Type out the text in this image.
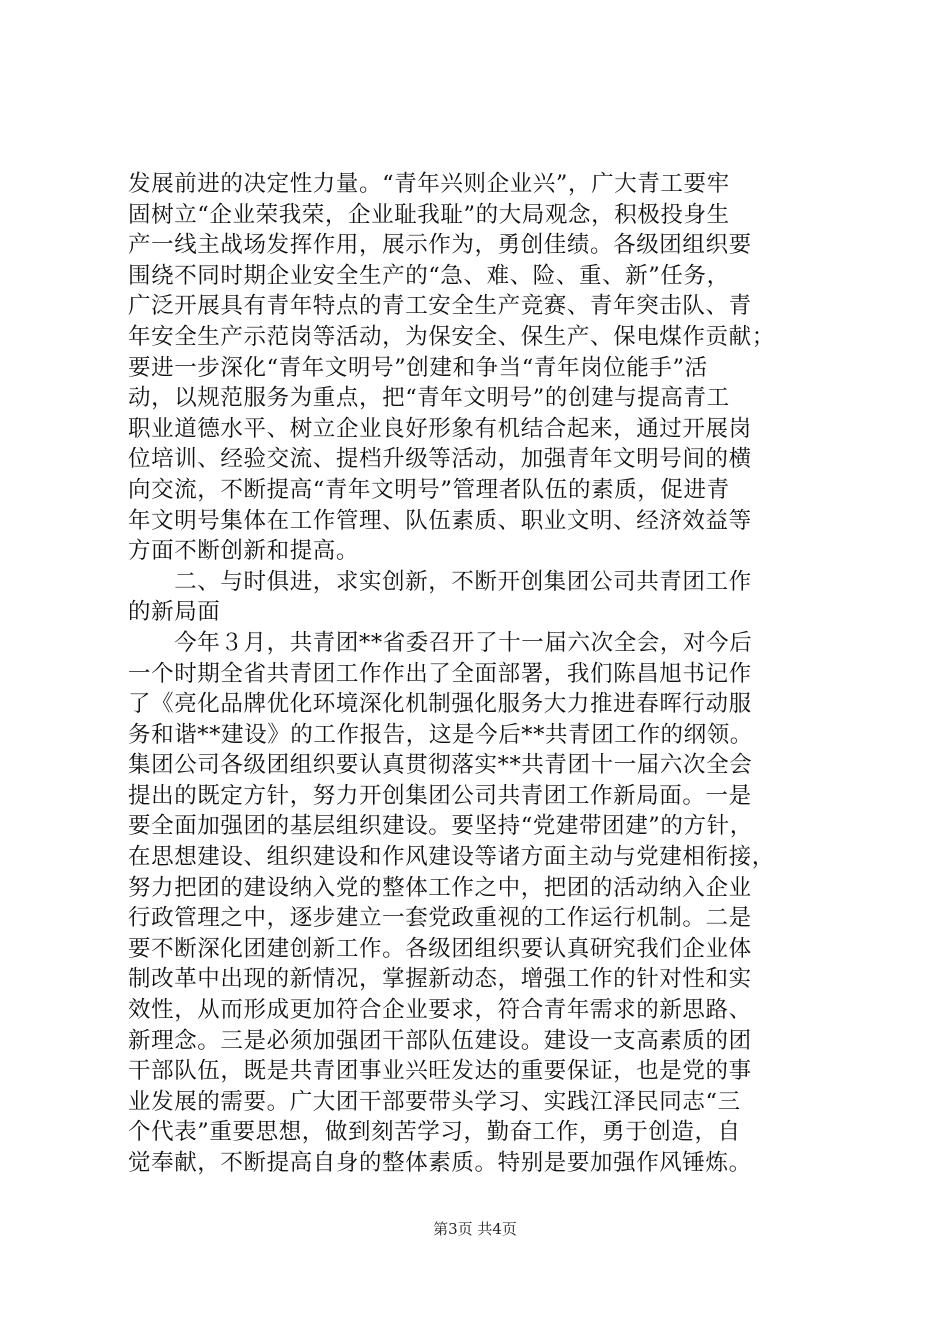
发展前进的决定性力量。“青年兴则企业兴”，广大青工要牢
固树立“企业荣我荣，企业耻我耻”的大局观念，积极投身生
产一线主战场发挥作用，展示作为，勇创佳绩。各级团组织要
围绕不同时期企业安全生产的“急、难、险、重、新”任务，
广泛开展具有青年特点的青工安全生产竞赛、青年突击队、青
年安全生产示范岗等活动，为保安全、保生产、保电煤作贡献；
要进一步深化“青年文明号”创建和争当“青年岗位能手”活
动，以规范服务为重点，把“青年文明号”的创建与提高青工
职业道德水平、树立企业良好形象有机结合起来，通过开展岗
位培训、经验交流、提档升级等活动，加强青年文明号间的横
向交流，不断提高“青年文明号”管理者队伍的素质，促进青
年文明号集体在工作管理、队伍素质、职业文明、经济效益等
方面不断创新和提高。
　　二、与时俱进，求实创新，不断开创集团公司共青团工作
的新局面
　　今年３月，共青团**省委召开了十一届六次全会，对今后
一个时期全省共青团工作作出了全面部署，我们陈昌旭书记作
了《亮化品牌优化环境深化机制强化服务大力推进春晖行动服
务和谐**建设》的工作报告，这是今后**共青团工作的纲领。
集团公司各级团组织要认真贯彻落实**共青团十一届六次全会
提出的既定方针，努力开创集团公司共青团工作新局面。一是
要全面加强团的基层组织建设。要坚持“党建带团建”的方针，
在思想建设、组织建设和作风建设等诸方面主动与党建相衔接，
努力把团的建设纳入党的整体工作之中，把团的活动纳入企业
行政管理之中，逐步建立一套党政重视的工作运行机制。二是
要不断深化团建创新工作。各级团组织要认真研究我们企业体
制改革中出现的新情况，掌握新动态，增强工作的针对性和实
效性，从而形成更加符合企业要求，符合青年需求的新思路、
新理念。三是必须加强团干部队伍建设。建设一支高素质的团
干部队伍，既是共青团事业兴旺发达的重要保证，也是党的事
业发展的需要。广大团干部要带头学习、实践江泽民同志“三
个代表”重要思想，做到刻苦学习，勤奋工作，勇于创造，自
觉奉献，不断提高自身的整体素质。特别是要加强作风锤炼。
第3页 共4页
